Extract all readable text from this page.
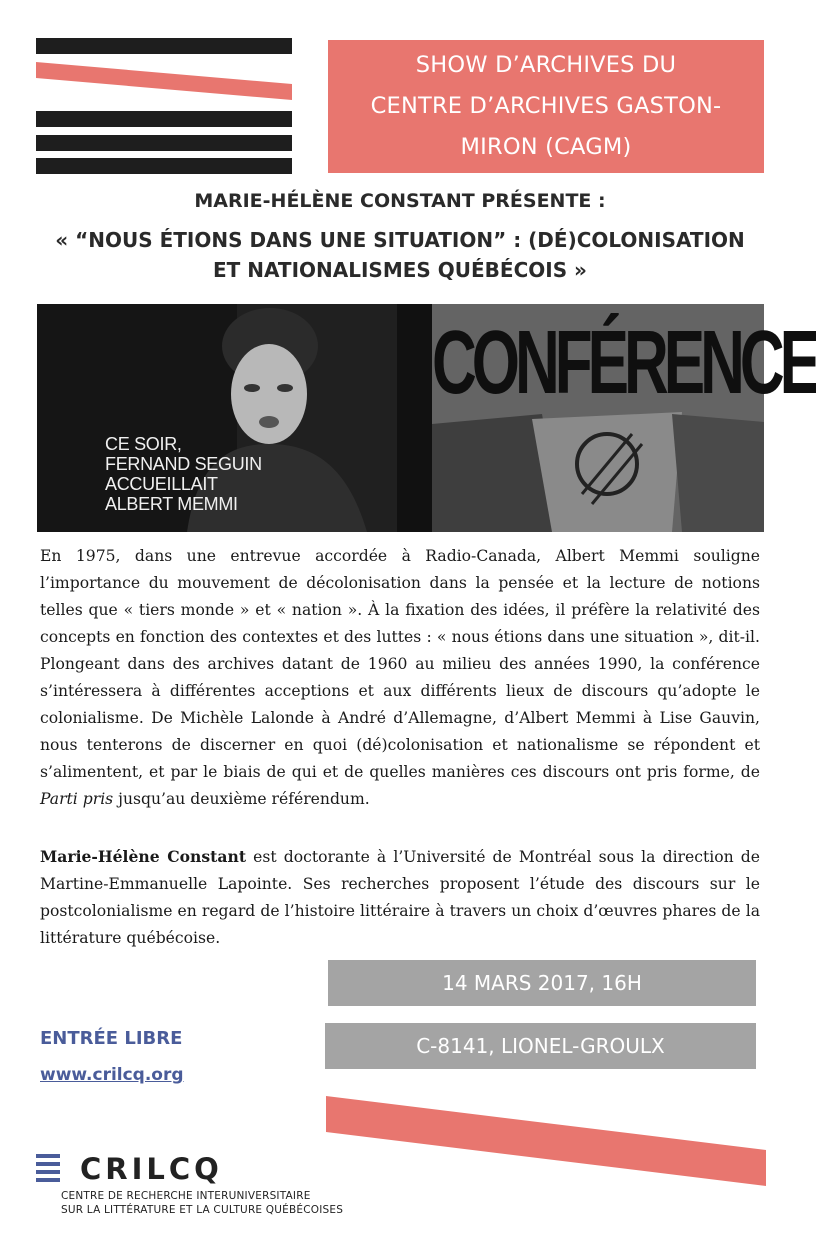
SHOW D’ARCHIVES DU
CENTRE D’ARCHIVES GASTON-
MIRON (CAGM)

MARIE-HÉLÈNE CONSTANT PRÉSENTE :

« “NOUS ÉTIONS DANS UNE SITUATION” : (DÉ)COLONISATION
ET NATIONALISMES QUÉBÉCOIS »

CE SOIR,

FERNAND SEGUIN

ACCUEILLAIT

ALBERT MEMMI

CONFÉRENCE

En 1975, dans une entrevue accordée à Radio-Canada, Albert Memmi souligne l’importance du mouvement de décolonisation dans la pensée et la lecture de notions telles que « tiers monde » et « nation ». À la fixation des idées, il préfère la relativité des concepts en fonction des contextes et des luttes : « nous étions dans une situation », dit-il. Plongeant dans des archives datant de 1960 au milieu des années 1990, la conférence s’intéressera à différentes acceptions et aux différents lieux de discours qu’adopte le colonialisme. De Michèle Lalonde à André d’Allemagne, d’Albert Memmi à Lise Gauvin, nous tenterons de discerner en quoi (dé)colonisation et nationalisme se répondent et s’alimentent, et par le biais de qui et de quelles manières ces discours ont pris forme, de Parti pris jusqu’au deuxième référendum.

Marie-Hélène Constant est doctorante à l’Université de Montréal sous la direction de Martine-Emmanuelle Lapointe. Ses recherches proposent l’étude des discours sur le postcolonialisme en regard de l’histoire littéraire à travers un choix d’œuvres phares de la littérature québécoise.

14 MARS 2017, 16H
C-8141, LIONEL-GROULX

ENTRÉE LIBRE

www.crilcq.org

CRILCQ

CENTRE DE RECHERCHE INTERUNIVERSITAIRE

SUR LA LITTÉRATURE ET LA CULTURE QUÉBÉCOISES
